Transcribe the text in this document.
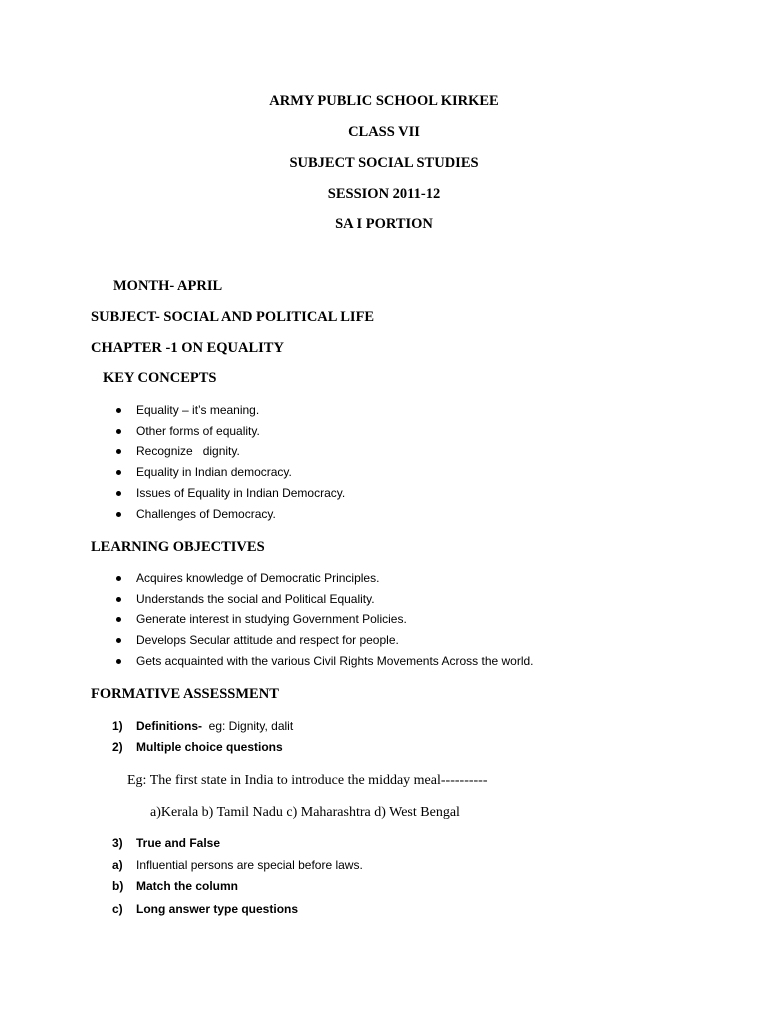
ARMY PUBLIC SCHOOL KIRKEE
CLASS VII
SUBJECT SOCIAL STUDIES
SESSION 2011-12
SA I PORTION
MONTH- APRIL
SUBJECT- SOCIAL AND POLITICAL LIFE
CHAPTER -1 ON EQUALITY
KEY CONCEPTS
Equality – it’s meaning.
Other forms of equality.
Recognize   dignity.
Equality in Indian democracy.
Issues of Equality in Indian Democracy.
Challenges of Democracy.
LEARNING OBJECTIVES
Acquires knowledge of Democratic Principles.
Understands the social and Political Equality.
Generate interest in studying Government Policies.
Develops Secular attitude and respect for people.
Gets acquainted with the various Civil Rights Movements Across the world.
FORMATIVE ASSESSMENT
1) Definitions-  eg: Dignity, dalit
2) Multiple choice questions
Eg: The first state in India to introduce the midday meal----------
a)Kerala b) Tamil Nadu c) Maharashtra d) West Bengal
3) True and False
a) Influential persons are special before laws.
b) Match the column
c) Long answer type questions
